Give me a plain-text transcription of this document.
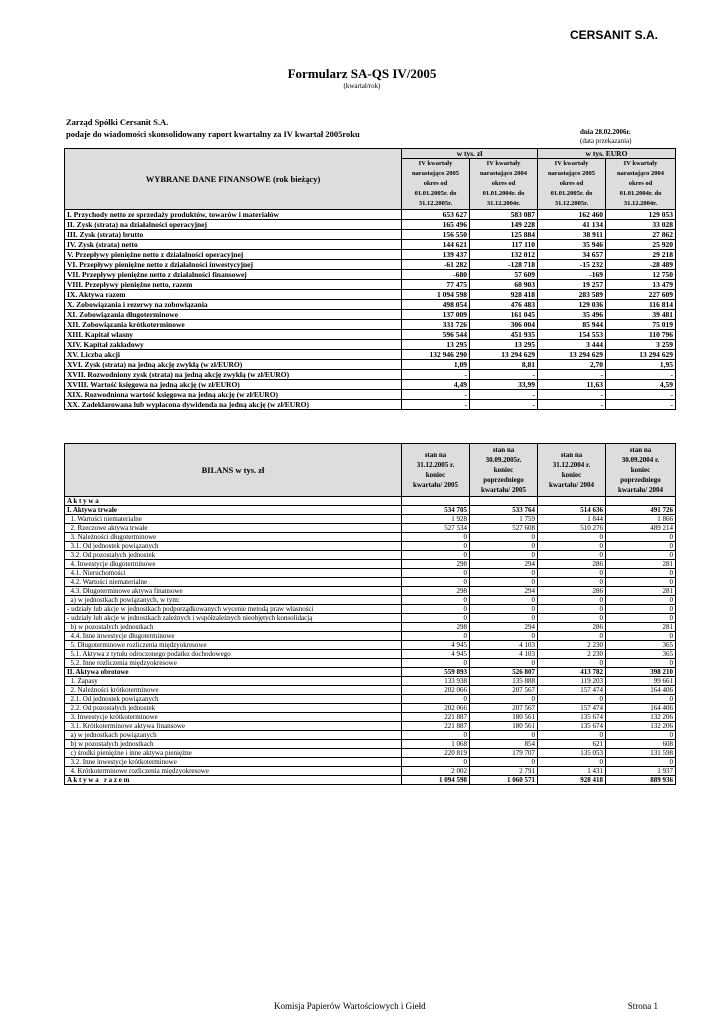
CERSANIT S.A.
Formularz SA-QS IV/2005
(kwartał/rok)
Zarząd Spółki Cersanit S.A.
podaje do wiadomości skonsolidowany raport kwartalny za IV kwartał 2005roku	dnia 28.02.2006r.
(data przekazania)
WYBRANE DANE FINANSOWE (rok bieżący)	w tys. zł		w tys. EURO	
	IV kwartały
narastająco 2005
okres od
01.01.2005r. do
31.12.2005r.	IV kwartały
narastająco 2004
okres od
01.01.2004r. do
31.12.2004r.	IV kwartały
narastająco 2005
okres od
01.01.2005r. do
31.12.2005r.	IV kwartały
narastająco 2004
okres od
01.01.2004r. do
31.12.2004r.
I. Przychody netto ze sprzedaży produktów, towarów i materiałów	653 627	583 087	162 460	129 053
II. Zysk (strata) na działalności operacyjnej	165 496	149 228	41 134	33 028
III. Zysk (strata) brutto	156 550	125 884	38 911	27 862
IV. Zysk (strata) netto	144 621	117 110	35 946	25 920
V. Przepływy pieniężne netto z działalności operacyjnej	139 437	132 012	34 657	29 218
VI. Przepływy pieniężne netto z działalności inwestycyjnej	-61 282	-128 718	-15 232	-28 489
VII. Przepływy pieniężne netto z działalności finansowej	-680	57 609	-169	12 750
VIII. Przepływy pieniężne netto, razem	77 475	60 903	19 257	13 479
IX. Aktywa razem	1 094 598	928 418	283 589	227 609
X. Zobowiązania i rezerwy na zobowiązania	498 054	476 483	129 036	116 814
XI. Zobowiązania długoterminowe	137 009	161 045	35 496	39 481
XII. Zobowiązania krótkoterminowe	331 726	306 004	85 944	75 019
XIII. Kapitał własny	596 544	451 935	154 553	110 796
XIV. Kapitał zakładowy	13 295	13 295	3 444	3 259
XV. Liczba akcji	132 946 290	13 294 629	13 294 629	13 294 629
XVI. Zysk (strata) na jedną akcję zwykłą (w zł/EURO)	1,09	8,81	2,70	1,95
XVII. Rozwodniony zysk (strata) na jedną akcję zwykłą (w zł/EURO)	-	-	-	-
XVIII. Wartość księgowa na jedną akcję (w zł/EURO)	4,49	33,99	11,63	4,59
XIX. Rozwodniona wartość księgowa na jedną akcję (w zł/EURO)	-	-	-	-
XX. Zadeklarowana lub wypłacona dywidenda na jedną akcję (w zł/EURO)	-	-	-	-
BILANS w tys. zł	stan na
31.12.2005 r.
koniec
kwartału/ 2005	stan na
30.09.2005r.
koniec
poprzedniego
kwartału/ 2005	stan na
31.12.2004 r.
koniec
kwartału/ 2004	stan na
30.09.2004 r.
koniec
poprzedniego
kwartału/ 2004
A k t y w a				
I. Aktywa trwałe	534 705	533 764	514 636	491 726
1. Wartości niematerialne	1 928	1 759	1 844	1 866
2. Rzeczowe aktywa trwałe	527 534	527 608	510 276	489 214
3. Należności długoterminowe	0	0	0	0
3.1. Od jednostek powiązanych	0	0	0	0
3.2. Od pozostałych jednostek	0	0	0	0
4. Inwestycje długoterminowe	298	294	286	281
4.1. Nieruchomości	0	0	0	0
4.2. Wartości niematerialne	0	0	0	0
4.3. Długoterminowe aktywa finansowe	298	294	286	281
a) w jednostkach powiązanych, w tym:	0	0	0	0
- udziały lub akcje w jednostkach podporządkowanych wycenie metodą praw własności	0	0	0	0
- udziały lub akcje w jednostkach zależnych i współzależnych nieobjętych konsolidacją	0	0	0	0
b) w pozostałych jednostkach	298	294	286	281
4.4. Inne inwestycje długoterminowe	0	0	0	0
5. Długoterminowe rozliczenia międzyokresowe	4 945	4 103	2 230	365
5.1. Aktywa z tytułu odroczonego podatku dochodowego	4 945	4 103	2 230	365
5.2. Inne rozliczenia międzyokresowe	0	0	0	0
II. Aktywa obrotowe	559 893	526 807	413 782	398 210
1. Zapasy	133 938	135 888	119 203	99 661
2. Należności krótkoterminowe	202 066	207 567	157 474	164 406
2.1. Od jednostek powiązanych	0	0	0	0
2.2. Od pozostałych jednostek	202 066	207 567	157 474	164 406
3. Inwestycje krótkoterminowe	221 887	180 561	135 674	132 206
3.1. Krótkoterminowe aktywa finansowe	221 887	180 561	135 674	132 206
a) w jednostkach powiązanych	0	0	0	0
b) w pozostałych jednostkach	1 068	854	621	608
c) środki pieniężne i inne aktywa pieniężne	220 819	179 707	135 053	131 598
3.2. Inne inwestycje krótkoterminowe	0	0	0	0
4. Krótkoterminowe rozliczenia międzyokresowe	2 002	2 791	1 431	1 937
A k t y w a   r a z e m	1 094 598	1 060 571	928 418	889 936
Komisja Papierów Wartościowych i Giełd	Strona 1
